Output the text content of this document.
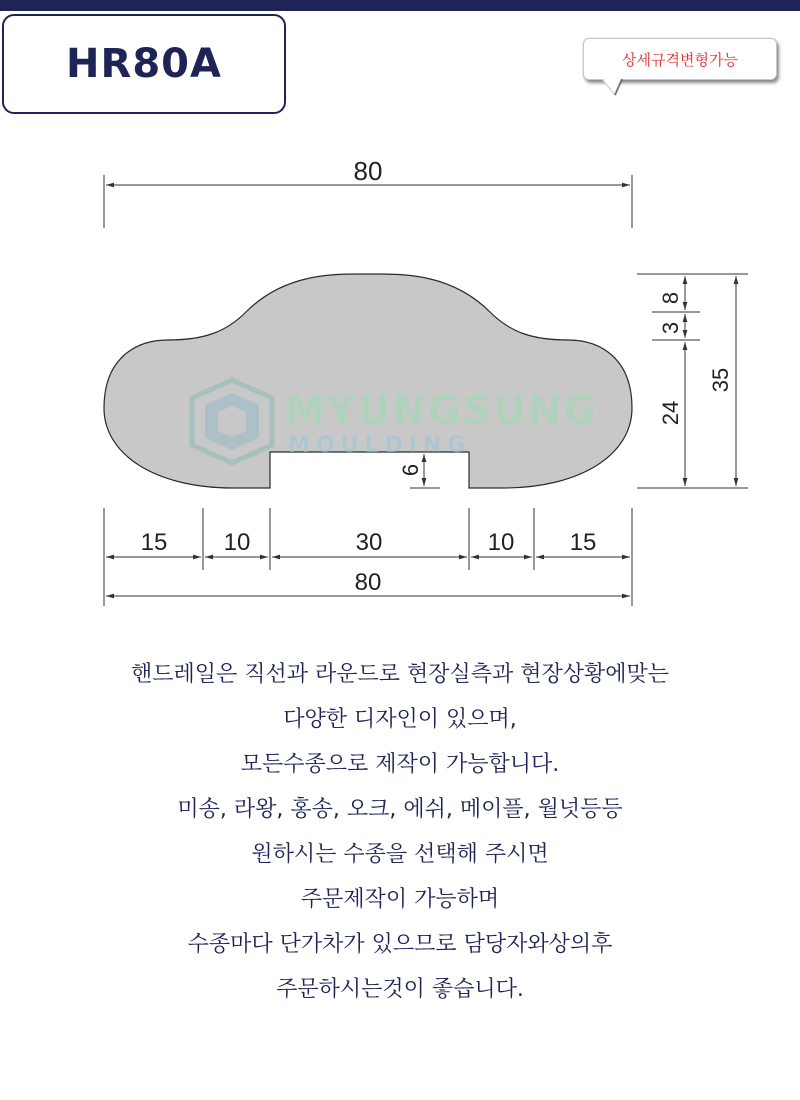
HR80A	상세규격변형가능
MYUNGSUNG
MOULDING
80
8
3
24
35
6
15 10	30	10 15
80
핸드레일은 직선과 라운드로 현장실측과 현장상황에맞는
다양한 디자인이 있으며,
모든수종으로 제작이 가능합니다.
미송, 라왕, 홍송, 오크, 에쉬, 메이플, 월넛등등
원하시는 수종을 선택해 주시면
주문제작이 가능하며
수종마다 단가차가 있으므로 담당자와상의후
주문하시는것이 좋습니다.
